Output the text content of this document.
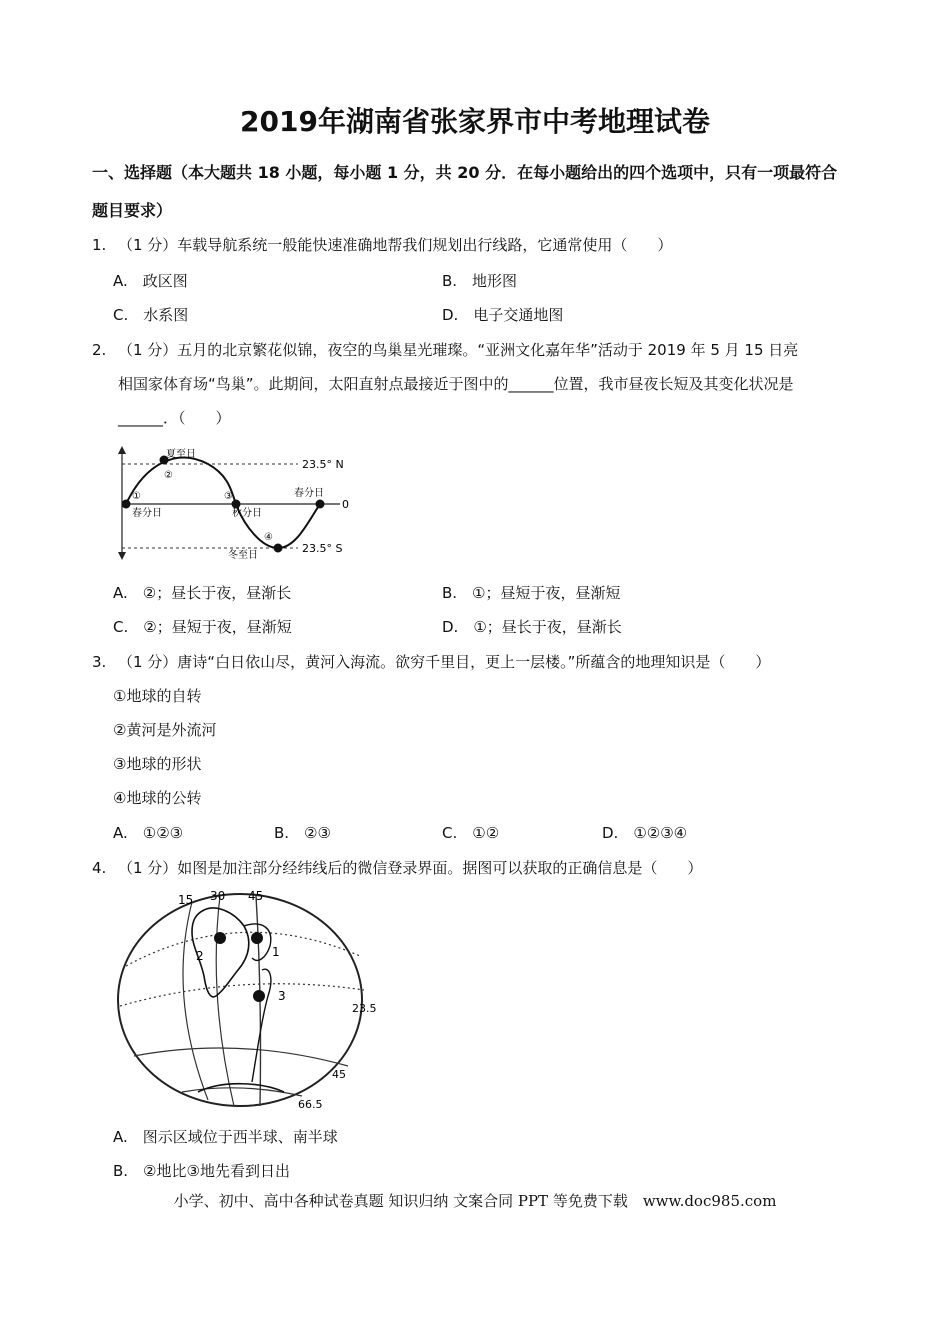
2019年湖南省张家界市中考地理试卷
一、选择题（本大题共 18 小题，每小题 1 分，共 20 分．在每小题给出的四个选项中，只有一项最符合
题目要求）
1. （1 分）车载导航系统一般能快速准确地帮我们规划出行线路，它通常使用（　　）
A.　政区图	B.　地形图
C.　水系图	D.　电子交通地图
2. （1 分）五月的北京繁花似锦，夜空的鸟巢星光璀璨。“亚洲文化嘉年华”活动于 2019 年 5 月 15 日亮
相国家体育场“鸟巢”。此期间，太阳直射点最接近于图中的______位置，我市昼夜长短及其变化状况是
______．（　　）
夏至日
②
①
春分日
③
秋分日
④
冬至日
春分日
23.5° N
0
23.5° S
A.　②；昼长于夜，昼渐长	B.　①；昼短于夜，昼渐短
C.　②；昼短于夜，昼渐短	D.　①；昼长于夜，昼渐长
3. （1 分）唐诗“白日依山尽，黄河入海流。欲穷千里目，更上一层楼。”所蕴含的地理知识是（　　）
①地球的自转
②黄河是外流河
③地球的形状
④地球的公转
A.　①②③	B.　②③	C.　①②	D.　①②③④
4. （1 分）如图是加注部分经纬线后的微信登录界面。据图可以获取的正确信息是（　　）
15 30 45
2	1
3
23.5
45
66.5
A.　图示区域位于西半球、南半球
B.　②地比③地先看到日出
小学、初中、高中各种试卷真题 知识归纳 文案合同 PPT 等免费下载　www.doc985.com
